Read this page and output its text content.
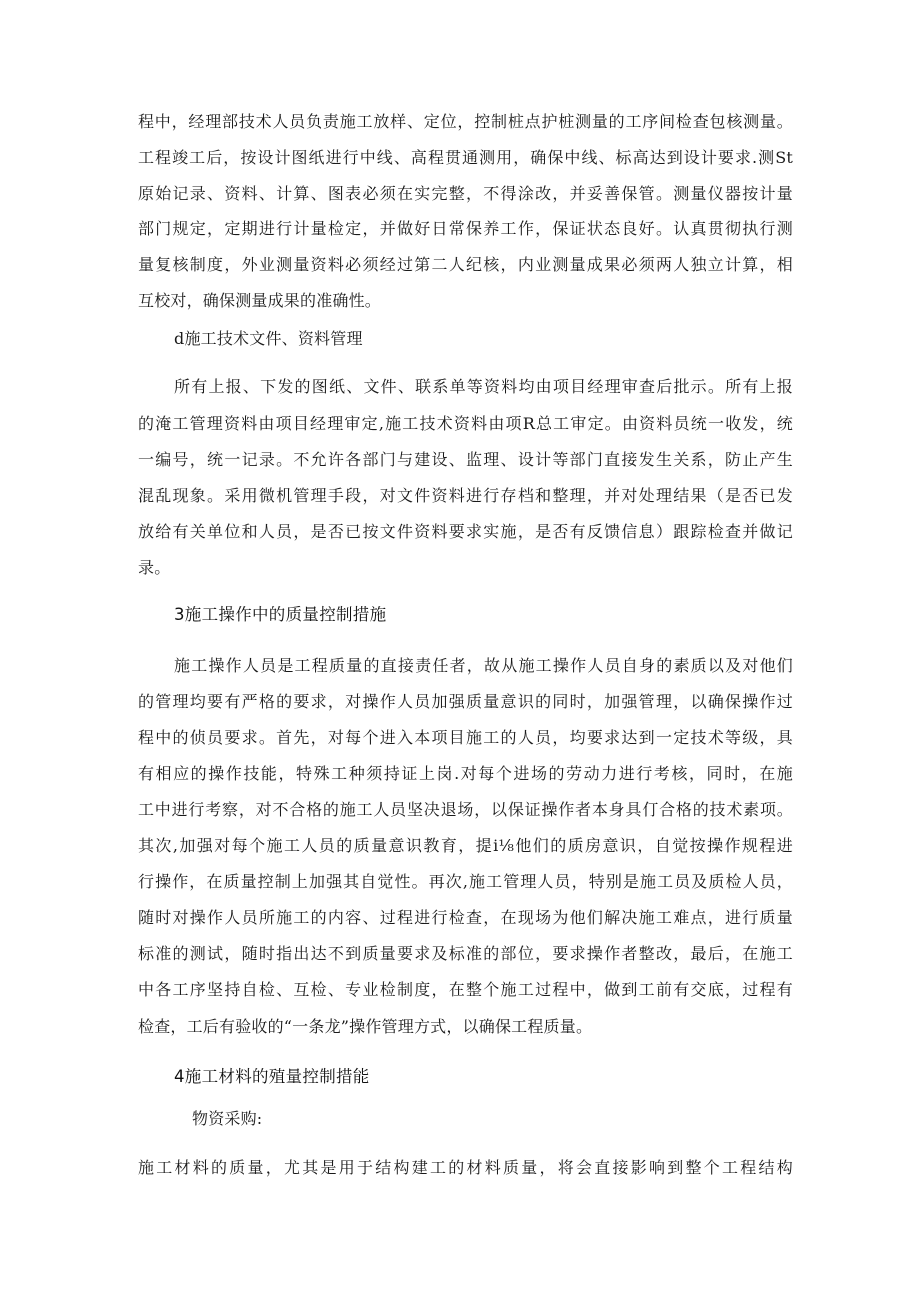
程中，经理部技术人员负责施工放样、定位，控制桩点护桩测量的工序间检查包核测量。
工程竣工后，按设计图纸进行中线、高程贯通测用，确保中线、标高达到设计要求.测St
原始记录、资料、计算、图表必须在实完整，不得涂改，并妥善保管。测量仪器按计量
部门规定，定期进行计量检定，并做好日常保养工作，保证状态良好。认真贯彻执行测
量复核制度，外业测量资料必须经过第二人纪核，内业测量成果必须两人独立计算，相
互校对，确保测量成果的准确性。
d施工技术文件、资料管理
所有上报、下发的图纸、文件、联系单等资料均由项目经理审查后批示。所有上报
的淹工管理资料由项目经理审定,施工技术资料由项R总工审定。由资料员统一收发，统
一编号，统一记录。不允许各部门与建设、监理、设计等部门直接发生关系，防止产生
混乱现象。采用微机管理手段，对文件资料进行存档和整理，并对处理结果（是否已发
放给有关单位和人员，是否已按文件资料要求实施，是否有反馈信息）跟踪检查并做记
录。
3施工操作中的质量控制措施
施工操作人员是工程质量的直接责任者，故从施工操作人员自身的素质以及对他们
的管理均要有严格的要求，对操作人员加强质量意识的同时，加强管理，以确保操作过
程中的侦员要求。首先，对每个进入本项目施工的人员，均要求达到一定技术等级，具
有相应的操作技能，特殊工种须持证上岗.对每个进场的劳动力进行考核，同时，在施
工中进行考察，对不合格的施工人员坚决退场，以保证操作者本身具仃合格的技术素项。
其次,加强对每个施工人员的质量意识教育，提i⅛他们的质房意识，自觉按操作规程进
行操作，在质量控制上加强其自觉性。再次,施工管理人员，特别是施工员及质检人员，
随时对操作人员所施工的内容、过程进行检查，在现场为他们解决施工难点，进行质量
标准的测试，随时指出达不到质量要求及标准的部位，要求操作者整改，最后，在施工
中各工序坚持自检、互检、专业检制度，在整个施工过程中，做到工前有交底，过程有
检查，工后有验收的“一条龙”操作管理方式，以确保工程质量。
4施工材料的殖量控制措能
物资采购:
施工材料的质量，尤其是用于结构建工的材料质量，将会直接影响到整个工程结构
